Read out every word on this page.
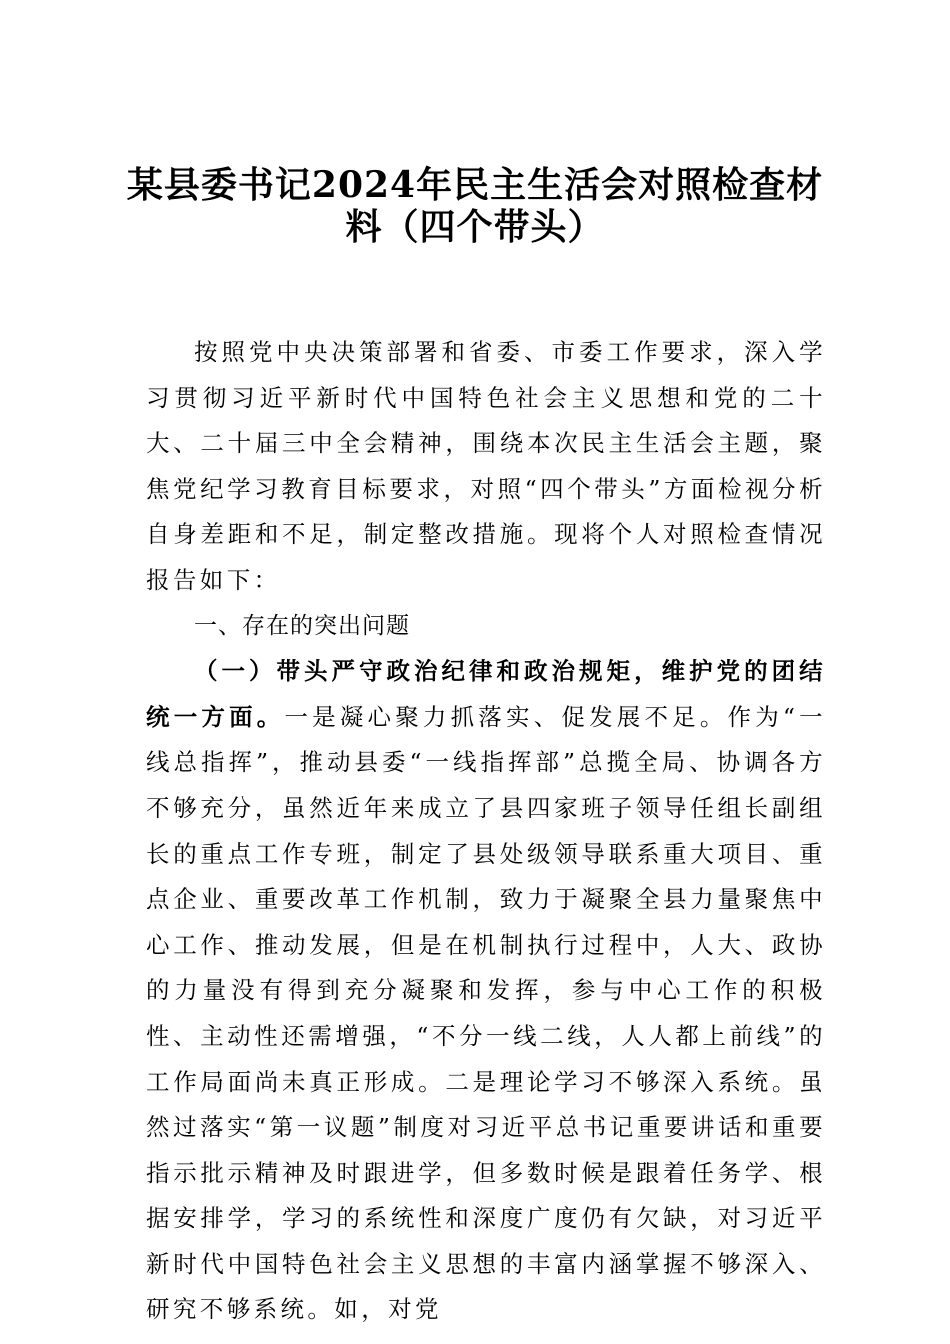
某县委书记2024年民主生活会对照检查材
料（四个带头）

按照党中央决策部署和省委、市委工作要求，深入学习贯彻习近平新时代中国特色社会主义思想和党的二十大、二十届三中全会精神，围绕本次民主生活会主题，聚焦党纪学习教育目标要求，对照“四个带头”方面检视分析自身差距和不足，制定整改措施。现将个人对照检查情况报告如下：

一、存在的突出问题

（一）带头严守政治纪律和政治规矩，维护党的团结统一方面。一是凝心聚力抓落实、促发展不足。作为“一线总指挥”，推动县委“一线指挥部”总揽全局、协调各方不够充分，虽然近年来成立了县四家班子领导任组长副组长的重点工作专班，制定了县处级领导联系重大项目、重点企业、重要改革工作机制，致力于凝聚全县力量聚焦中心工作、推动发展，但是在机制执行过程中，人大、政协的力量没有得到充分凝聚和发挥，参与中心工作的积极性、主动性还需增强，“不分一线二线，人人都上前线”的工作局面尚未真正形成。二是理论学习不够深入系统。虽然过落实“第一议题”制度对习近平总书记重要讲话和重要指示批示精神及时跟进学，但多数时候是跟着任务学、根据安排学，学习的系统性和深度广度仍有欠缺，对习近平新时代中国特色社会主义思想的丰富内涵掌握不够深入、研究不够系统。如，对党
